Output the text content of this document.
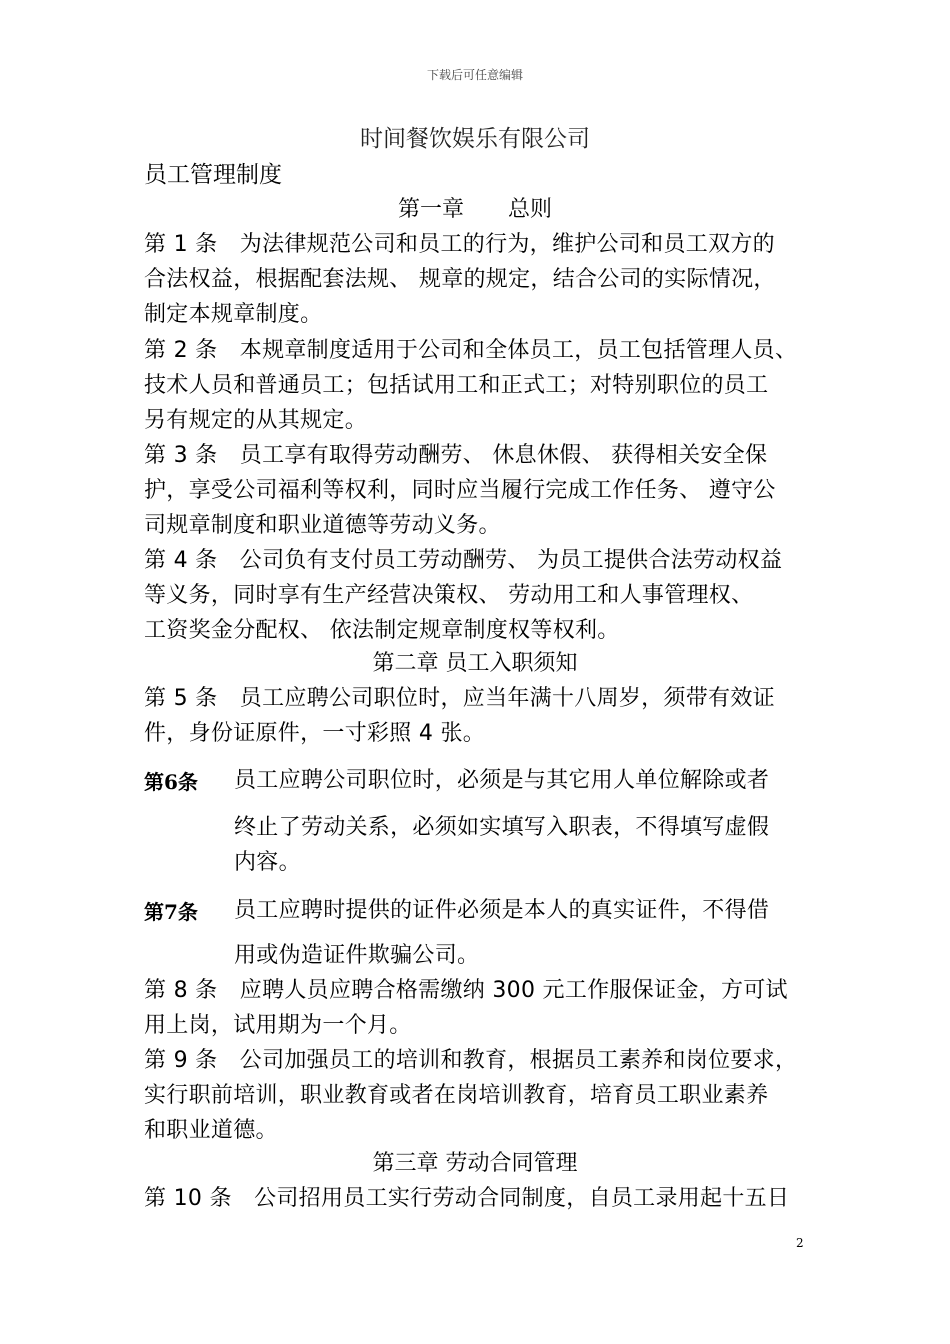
下载后可任意编辑
时间餐饮娱乐有限公司
员工管理制度
第一章　　总则
第 1 条　为法律规范公司和员工的行为，维护公司和员工双方的
合法权益，根据配套法规、 规章的规定，结合公司的实际情况，
制定本规章制度。
第 2 条　本规章制度适用于公司和全体员工，员工包括管理人员、
技术人员和普通员工；包括试用工和正式工；对特别职位的员工
另有规定的从其规定。
第 3 条　员工享有取得劳动酬劳、 休息休假、 获得相关安全保
护，享受公司福利等权利，同时应当履行完成工作任务、 遵守公
司规章制度和职业道德等劳动义务。
第 4 条　公司负有支付员工劳动酬劳、 为员工提供合法劳动权益
等义务，同时享有生产经营决策权、 劳动用工和人事管理权、
工资奖金分配权、 依法制定规章制度权等权利。
第二章 员工入职须知
第 5 条　员工应聘公司职位时，应当年满十八周岁，须带有效证
件，身份证原件，一寸彩照 4 张。
第6条 员工应聘公司职位时，必须是与其它用人单位解除或者
终止了劳动关系，必须如实填写入职表，不得填写虚假
内容。
第7条 员工应聘时提供的证件必须是本人的真实证件，不得借
用或伪造证件欺骗公司。
第 8 条　应聘人员应聘合格需缴纳 300 元工作服保证金，方可试
用上岗，试用期为一个月。
第 9 条　公司加强员工的培训和教育，根据员工素养和岗位要求，
实行职前培训，职业教育或者在岗培训教育，培育员工职业素养
和职业道德。
第三章 劳动合同管理
第 10 条　公司招用员工实行劳动合同制度，自员工录用起十五日
2
